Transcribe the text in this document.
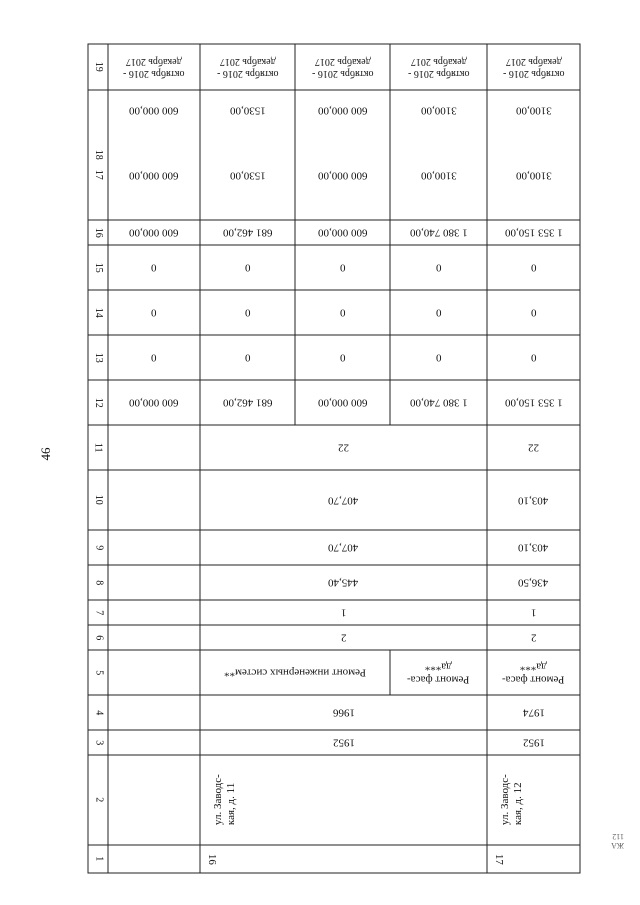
46
19
18
17
16
15
14
13
12
11
10
9
8
7
6
5
4
3
2
1	16
ул. Заводс-
кая, д. 11
17
ул. Заводс-
кая, д. 12
1952
1966
Ремонт инженерных систем**
Ремонт фаса-
да***
2
1
445,40
407,70
407,70
22
1952
1974
Ремонт фаса-
да***
2
1
436,50
403,10
403,10
22
600 000,00
0
0
0
600 000,00
600 000,00
600 000,00
октябрь 2016 -
декабрь 2017
681 462,00
0
0
0
681 462,00
1530,00
1530,00
октябрь 2016 -
декабрь 2017
600 000,00
0
0
0
600 000,00
600 000,00
600 000,00
октябрь 2016 -
декабрь 2017
1 380 740,00
0
0
0
1 380 740,00
3100,00
3100,00
октябрь 2016 -
декабрь 2017
1 353 150,00
0
0
0
1 353 150,00
3100,00
3100,00
октябрь 2016 -
декабрь 2017
ЖА 112
